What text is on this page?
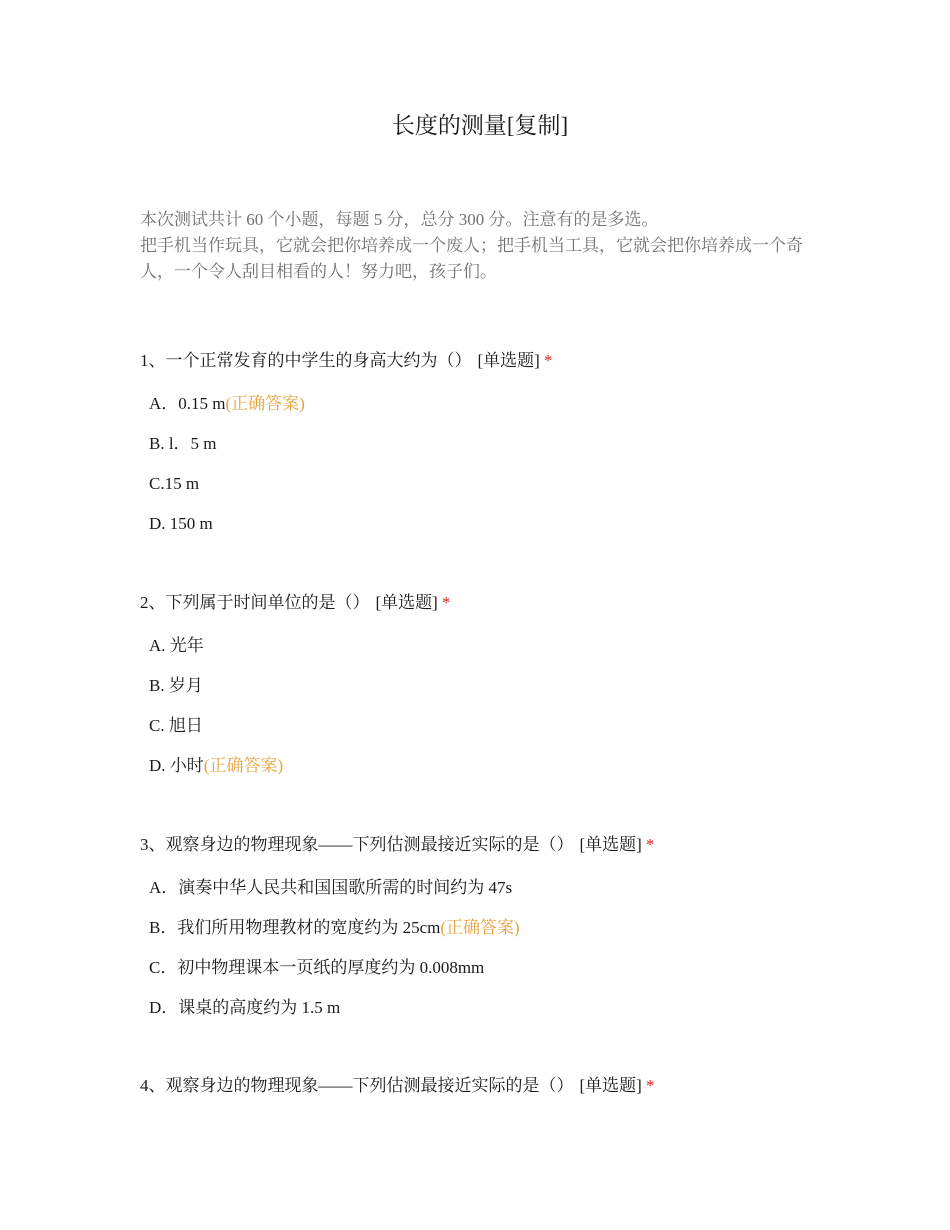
长度的测量[复制]

本次测试共计 60 个小题，每题 5 分，总分 300 分。注意有的是多选。

把手机当作玩具，它就会把你培养成一个废人；把手机当工具，它就会把你培养成一个奇人，一个令人刮目相看的人！努力吧，孩子们。

1、一个正常发育的中学生的身高大约为（） [单选题] *

A．0.15 m(正确答案)
B. l．5 m
C.15 m
D. 150 m

2、下列属于时间单位的是（） [单选题] *

A. 光年
B. 岁月
C. 旭日
D. 小时(正确答案)

3、观察身边的物理现象——下列估测最接近实际的是（） [单选题] *

A．演奏中华人民共和国国歌所需的时间约为 47s
B．我们所用物理教材的宽度约为 25cm(正确答案)
C．初中物理课本一页纸的厚度约为 0.008mm
D．课桌的高度约为 1.5 m

4、观察身边的物理现象——下列估测最接近实际的是（） [单选题] *
